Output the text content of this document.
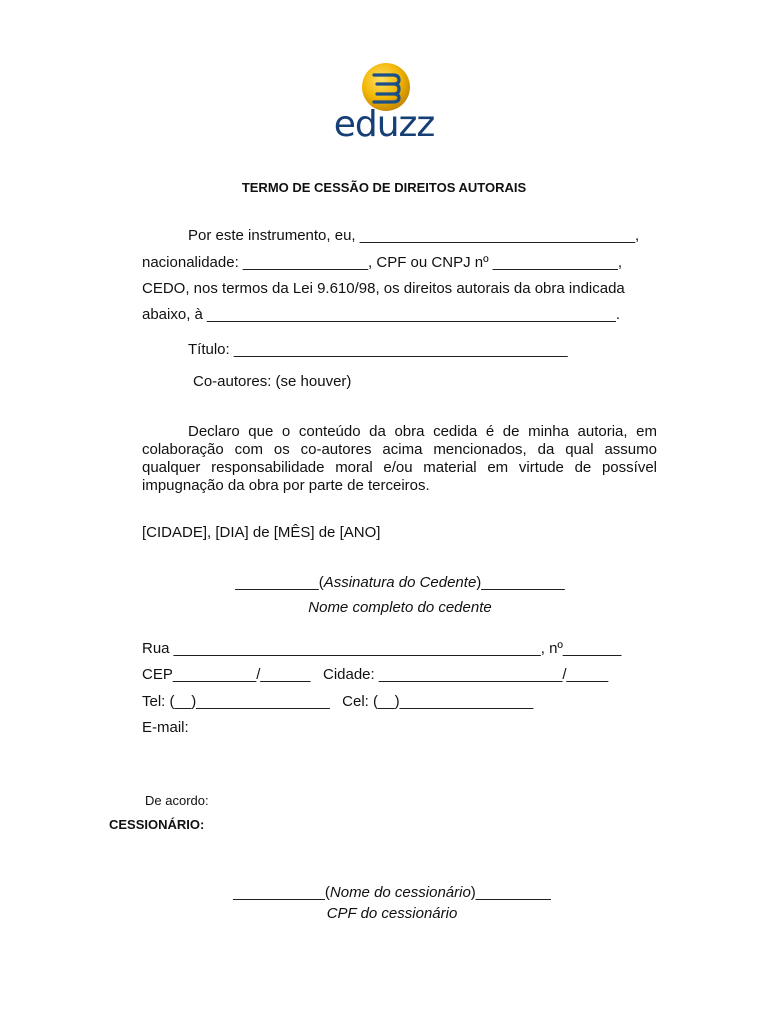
eduzz
TERMO DE CESSÃO DE DIREITOS AUTORAIS
Por este instrumento, eu, _________________________________,
nacionalidade: _______________, CPF ou CNPJ nº _______________,
CEDO, nos termos da Lei 9.610/98, os direitos autorais da obra indicada
abaixo, à _________________________________________________.
Título: ________________________________________
Co-autores: (se houver)
Declaro que o conteúdo da obra cedida é de minha autoria, em colaboração com os co-autores acima mencionados, da qual assumo qualquer responsabilidade moral e/ou material em virtude de possível impugnação da obra por parte de terceiros.
[CIDADE], [DIA] de [MÊS] de [ANO]
__________(Assinatura do Cedente)__________
Nome completo do cedente
Rua ____________________________________________, nº_______
CEP__________/______   Cidade: ______________________/_____
Tel: (__)________________   Cel: (__)________________
E-mail:
De acordo:
CESSIONÁRIO:
___________(Nome do cessionário)_________
CPF do cessionário
